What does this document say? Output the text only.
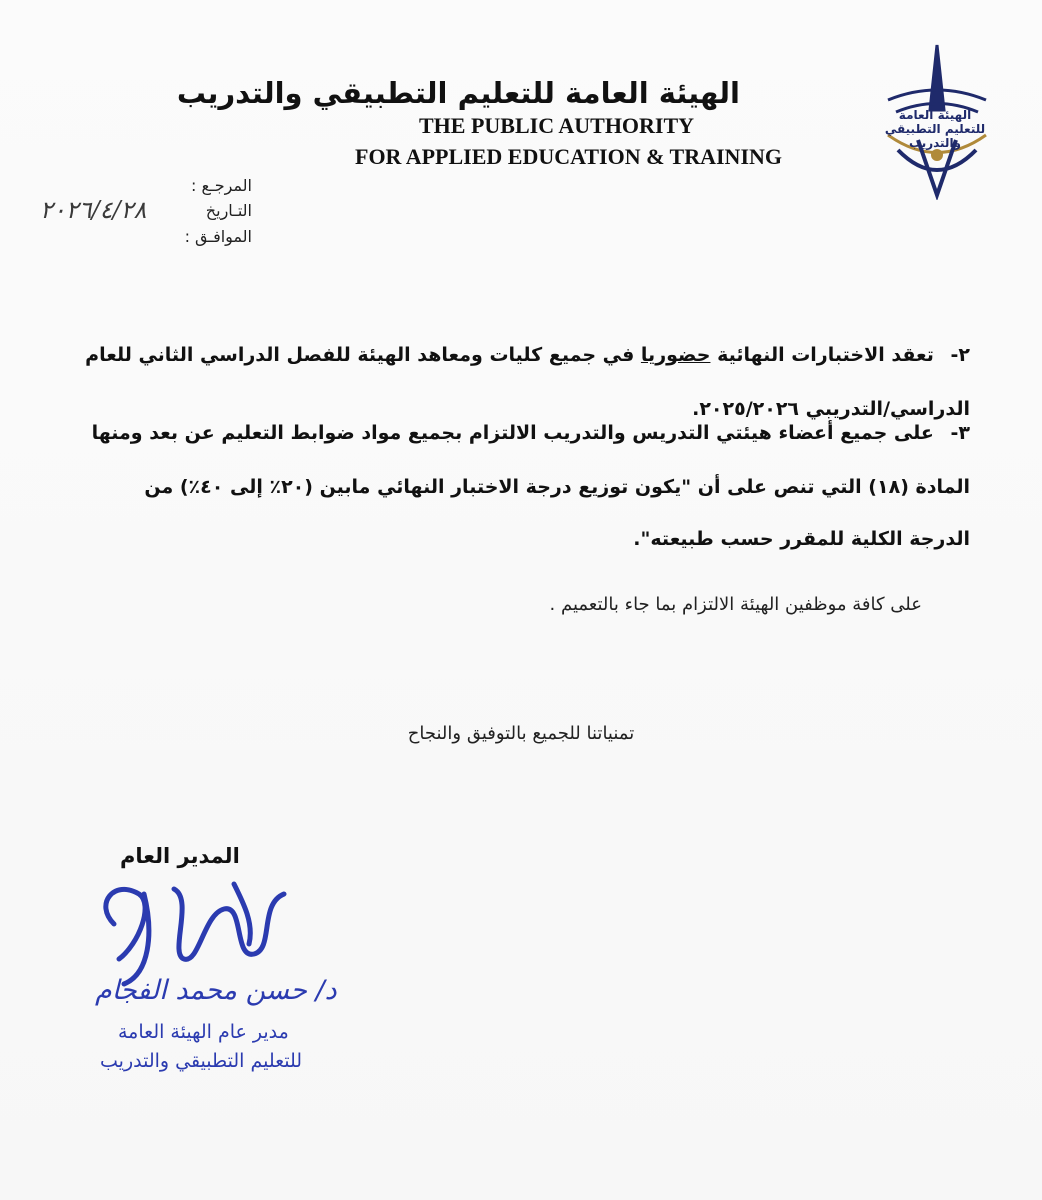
الهيئة العامة
للتعليم التطبيقي والتدريب
الهيئة العامة للتعليم التطبيقي والتدريب
THE PUBLIC AUTHORITY
FOR APPLIED EDUCATION & TRAINING
المرجـع :
التـاريخ
٢٠٢٦/٤/٢٨
الموافـق :
٢- تعقد الاختبارات النهائية حضوريا في جميع كليات ومعاهد الهيئة للفصل الدراسي الثاني للعام
الدراسي/التدريبي ٢٠٢٥/٢٠٢٦.
٣- على جميع أعضاء هيئتي التدريس والتدريب الالتزام بجميع مواد ضوابط التعليم عن بعد ومنها
المادة (١٨) التي تنص على أن "يكون توزيع درجة الاختبار النهائي مابين (٢٠٪ إلى ٤٠٪) من
الدرجة الكلية للمقرر حسب طبيعته".
على كافة موظفين الهيئة الالتزام بما جاء بالتعميم .
تمنياتنا للجميع بالتوفيق والنجاح
المدير العام
د/ حسن محمد الفجام
مدير عام الهيئة العامة
للتعليم التطبيقي والتدريب
